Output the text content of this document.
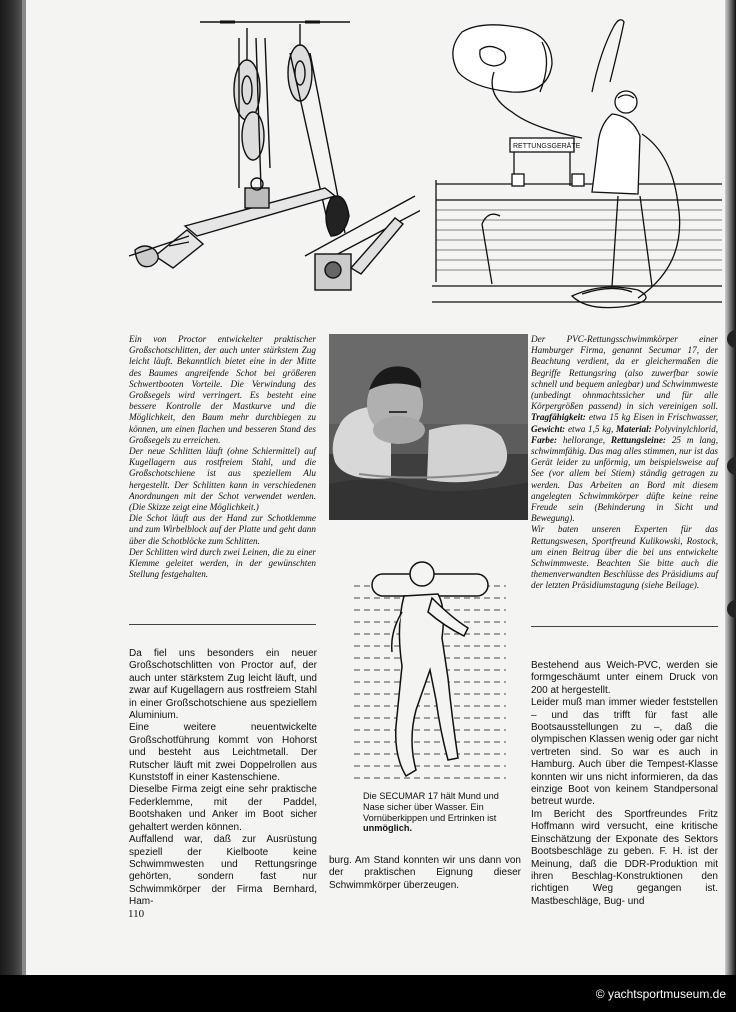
RETTUNGSGERÄTE

Ein von Proctor entwickelter praktischer Großschotschlitten, der auch unter stärkstem Zug leicht läuft. Bekanntlich bietet eine in der Mitte des Baumes angreifende Schot bei größeren Schwertbooten Vorteile. Die Verwindung des Großsegels wird verringert. Es besteht eine bessere Kontrolle der Mastkurve und die Möglichkeit, den Baum mehr durchbiegen zu können, um einen flachen und besseren Stand des Großsegels zu erreichen.

Der neue Schlitten läuft (ohne Schiermittel) auf Kugellagern aus rostfreiem Stahl, und die Großschotschiene ist aus speziellem Alu hergestellt. Der Schlitten kann in verschiedenen Anordnungen mit der Schot verwendet werden. (Die Skizze zeigt eine Möglichkeit.)

Die Schot läuft aus der Hand zur Schotklemme und zum Wirbelblock auf der Platte und geht dann über die Schotblöcke zum Schlitten.

Der Schlitten wird durch zwei Leinen, die zu einer Klemme geleitet werden, in der gewünschten Stellung festgehalten.

Der PVC-Rettungsschwimmkörper einer Hamburger Firma, genannt Secumar 17, der Beachtung verdient, da er gleichermaßen die Begriffe Rettungsring (also zuwerfbar sowie schnell und bequem anlegbar) und Schwimmweste (unbedingt ohnmachtssicher und für alle Körpergrößen passend) in sich vereinigen soll. Tragfähigkeit: etwa 15 kg Eisen in Frischwasser, Gewicht: etwa 1,5 kg, Material: Polyvinylchlorid, Farbe: hellorange, Rettungsleine: 25 m lang, schwimmfähig. Das mag alles stimmen, nur ist das Gerät leider zu unförmig, um beispielsweise auf See (vor allem bei Stiem) ständig getragen zu werden. Das Arbeiten an Bord mit diesem angelegten Schwimmkörper düfte keine reine Freude sein (Behinderung in Sicht und Bewegung).

Wir baten unseren Experten für das Rettungswesen, Sportfreund Kulikowski, Rostock, um einen Beitrag über die bei uns entwickelte Schwimmweste. Beachten Sie bitte auch die themenverwandten Beschlüsse des Präsidiums auf der letzten Präsidiumstagung (siehe Beilage).

Da fiel uns besonders ein neuer Großschotschlitten von Proctor auf, der auch unter stärkstem Zug leicht läuft, und zwar auf Kugellagern aus rostfreiem Stahl in einer Großschotschiene aus speziellem Aluminium.

Eine weitere neuentwickelte Großschotführung kommt von Hohorst und besteht aus Leichtmetall. Der Rutscher läuft mit zwei Doppelrollen aus Kunststoff in einer Kastenschiene.

Dieselbe Firma zeigt eine sehr praktische Federklemme, mit der Paddel, Bootshaken und Anker im Boot sicher gehaltert werden können.

Auffallend war, daß zur Ausrüstung speziell der Kielboote keine Schwimmwesten und Rettungsringe gehörten, sondern fast nur Schwimmkörper der Firma Bernhard, Ham-

Die SECUMAR 17 hält Mund und Nase sicher über Wasser. Ein Vornüberkippen und Ertrinken ist unmöglich.

burg. Am Stand konnten wir uns dann von der praktischen Eignung dieser Schwimmkörper überzeugen.

Bestehend aus Weich-PVC, werden sie formgeschäumt unter einem Druck von 200 at hergestellt.

Leider muß man immer wieder feststellen – und das trifft für fast alle Bootsausstellungen zu –, daß die olympischen Klassen wenig oder gar nicht vertreten sind. So war es auch in Hamburg. Auch über die Tempest-Klasse konnten wir uns nicht informieren, da das einzige Boot von keinem Standpersonal betreut wurde.

Im Bericht des Sportfreundes Fritz Hoffmann wird versucht, eine kritische Einschätzung der Exponate des Sektors Bootsbeschläge zu geben. F. H. ist der Meinung, daß die DDR-Produktion mit ihren Beschlag-Konstruktionen den richtigen Weg gegangen ist. Mastbeschläge, Bug- und

110
© yachtsportmuseum.de
